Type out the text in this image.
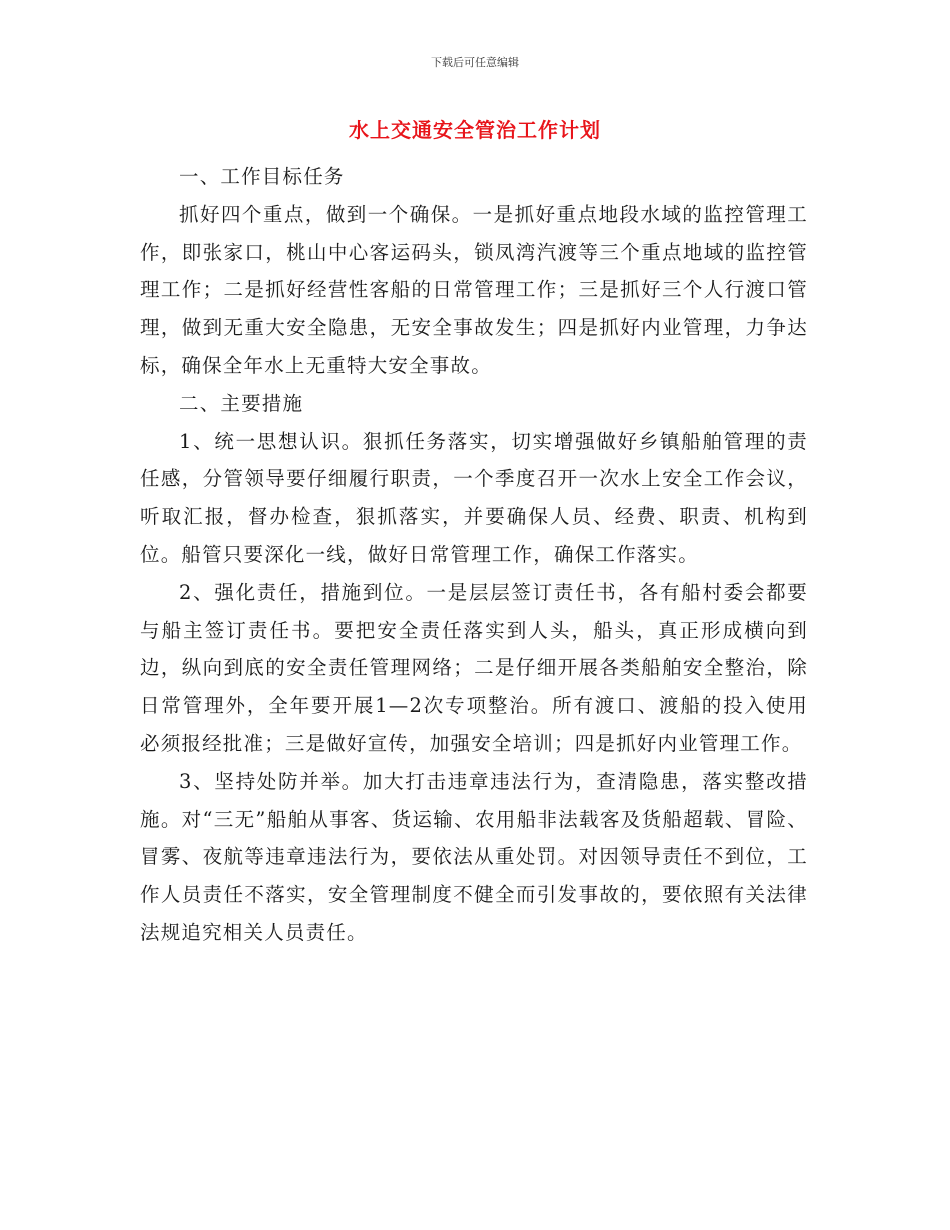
下载后可任意编辑
水上交通安全管治工作计划

一、工作目标任务

抓好四个重点，做到一个确保。一是抓好重点地段水域的监控管理工作，即张家口，桃山中心客运码头，锁凤湾汽渡等三个重点地域的监控管理工作；二是抓好经营性客船的日常管理工作；三是抓好三个人行渡口管理，做到无重大安全隐患，无安全事故发生；四是抓好内业管理，力争达标，确保全年水上无重特大安全事故。

二、主要措施

1、统一思想认识。狠抓任务落实，切实增强做好乡镇船舶管理的责任感，分管领导要仔细履行职责，一个季度召开一次水上安全工作会议，听取汇报，督办检查，狠抓落实，并要确保人员、经费、职责、机构到位。船管只要深化一线，做好日常管理工作，确保工作落实。

2、强化责任，措施到位。一是层层签订责任书，各有船村委会都要与船主签订责任书。要把安全责任落实到人头，船头，真正形成横向到边，纵向到底的安全责任管理网络；二是仔细开展各类船舶安全整治，除日常管理外，全年要开展1—2次专项整治。所有渡口、渡船的投入使用必须报经批准；三是做好宣传，加强安全培训；四是抓好内业管理工作。

3、坚持处防并举。加大打击违章违法行为，查清隐患，落实整改措施。对“三无”船舶从事客、货运输、农用船非法载客及货船超载、冒险、冒雾、夜航等违章违法行为，要依法从重处罚。对因领导责任不到位，工作人员责任不落实，安全管理制度不健全而引发事故的，要依照有关法律法规追究相关人员责任。
